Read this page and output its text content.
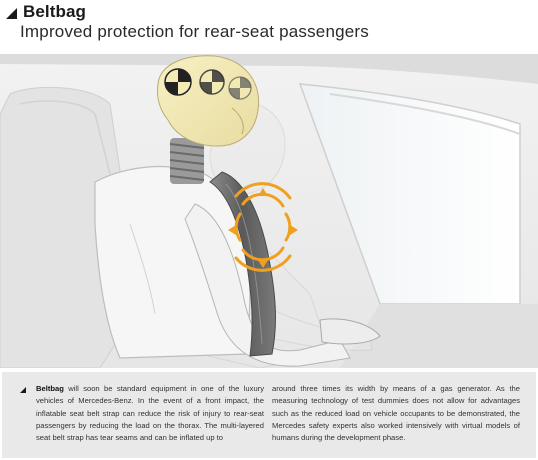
Beltbag
Improved protection for rear-seat passengers
Beltbag will soon be standard equipment in one of the luxury vehicles of Mercedes-Benz. In the event of a front impact, the inflatable seat belt strap can reduce the risk of injury to rear-seat passengers by reducing the load on the thorax. The multi-layered seat belt strap has tear seams and can be inflated up to
around three times its width by means of a gas generator. As the measuring technology of test dummies does not allow for advantages such as the reduced load on vehicle occupants to be demonstrated, the Mercedes safety experts also worked intensively with virtual models of humans during the development phase.
